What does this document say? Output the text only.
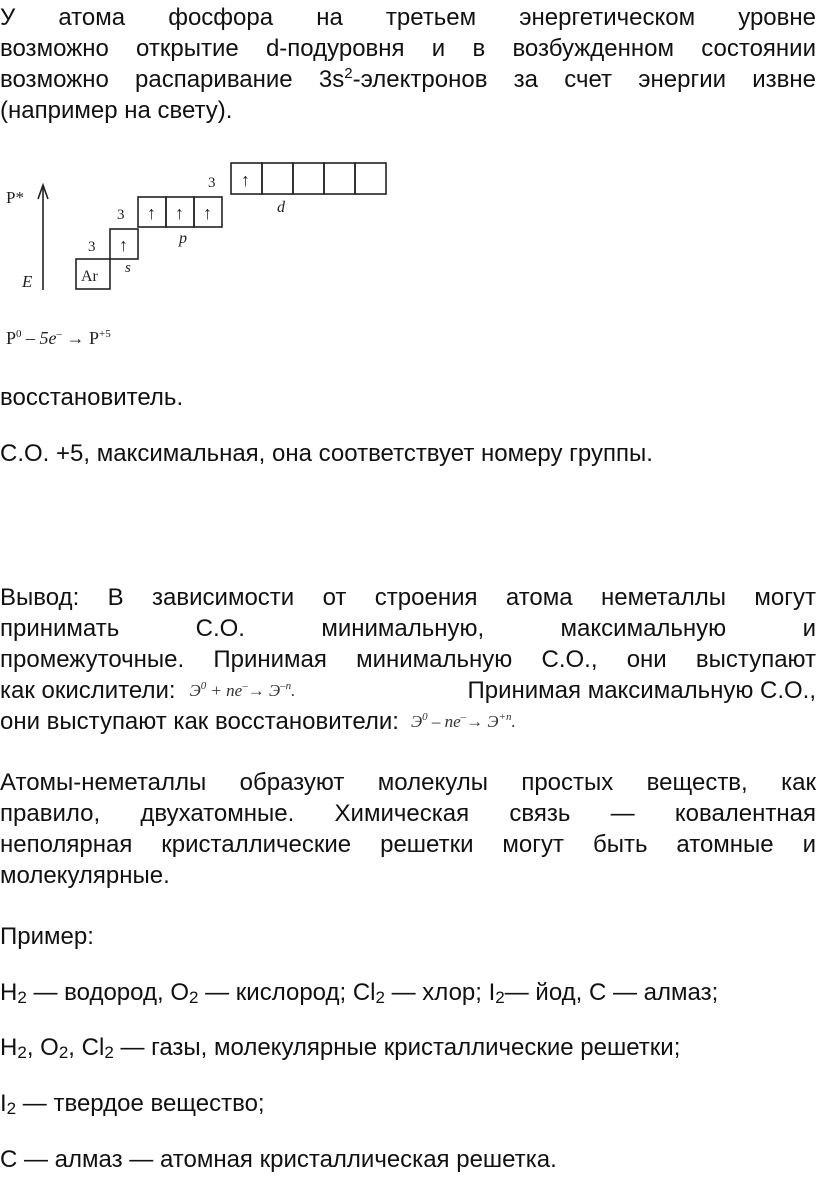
У атома фосфора на третьем энергетическом уровне
возможно открытие d-подуровня и в возбужденном состоянии
возможно распаривание $3s^2$-электронов за счет энергии извне
(например на свету).
P*
E	Ar
3
3
3
↑
↑ ↑ ↑
↑
s
p
d
$P^0 - 5e^- \to P^{+5}$
восстановитель.
С.О. +5, максимальная, она соответствует номеру группы.
Вывод: В зависимости от строения атома неметаллы могут
принимать	С.О.	минимальную,	максимальную	и
промежуточные. Принимая минимальную С.О., они выступают
как окислители: $Э^0 + ne^-\to Э^{-n}$.	Принимая максимальную С.О.,
они выступают как восстановители: $Э^0 - ne^-\to Э^{+n}$.
Атомы-неметаллы образуют молекулы простых веществ, как
правило, двухатомные. Химическая связь — ковалентная
неполярная кристаллические решетки могут быть атомные и
молекулярные.
Пример:
H2 — водород, O2 — кислород; Cl2 — хлор; I2— йод, С — алмаз;
H2, O2, Cl2 — газы, молекулярные кристаллические решетки;
I2 — твердое вещество;
С — алмаз — атомная кристаллическая решетка.
